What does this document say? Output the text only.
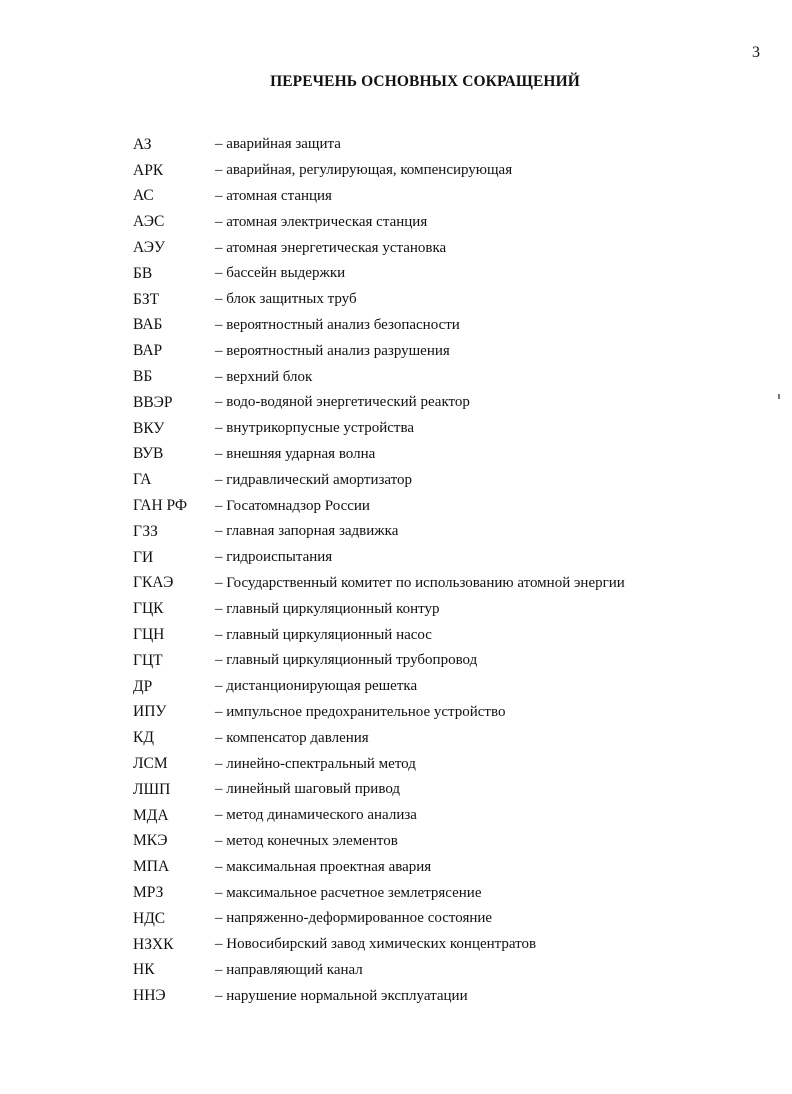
3
ПЕРЕЧЕНЬ ОСНОВНЫХ СОКРАЩЕНИЙ
АЗ	– аварийная защита
АРК	– аварийная, регулирующая, компенсирующая
АС	– атомная станция
АЭС	– атомная электрическая станция
АЭУ	– атомная энергетическая установка
БВ	– бассейн выдержки
БЗТ	– блок защитных труб
ВАБ	– вероятностный анализ безопасности
ВАР	– вероятностный анализ разрушения
ВБ	– верхний блок
ВВЭР	– водо-водяной энергетический реактор
ВКУ	– внутрикорпусные устройства
ВУВ	– внешняя ударная волна
ГА	– гидравлический амортизатор
ГАН РФ	– Госатомнадзор России
ГЗЗ	– главная запорная задвижка
ГИ	– гидроиспытания
ГКАЭ	– Государственный комитет по использованию атомной энергии
ГЦК	– главный циркуляционный контур
ГЦН	– главный циркуляционный насос
ГЦТ	– главный циркуляционный трубопровод
ДР	– дистанционирующая решетка
ИПУ	– импульсное предохранительное устройство
КД	– компенсатор давления
ЛСМ	– линейно-спектральный метод
ЛШП	– линейный шаговый привод
МДА	– метод динамического анализа
МКЭ	– метод конечных элементов
МПА	– максимальная проектная авария
МРЗ	– максимальное расчетное землетрясение
НДС	– напряженно-деформированное состояние
НЗХК	– Новосибирский завод химических концентратов
НК	– направляющий канал
ННЭ	– нарушение нормальной эксплуатации
